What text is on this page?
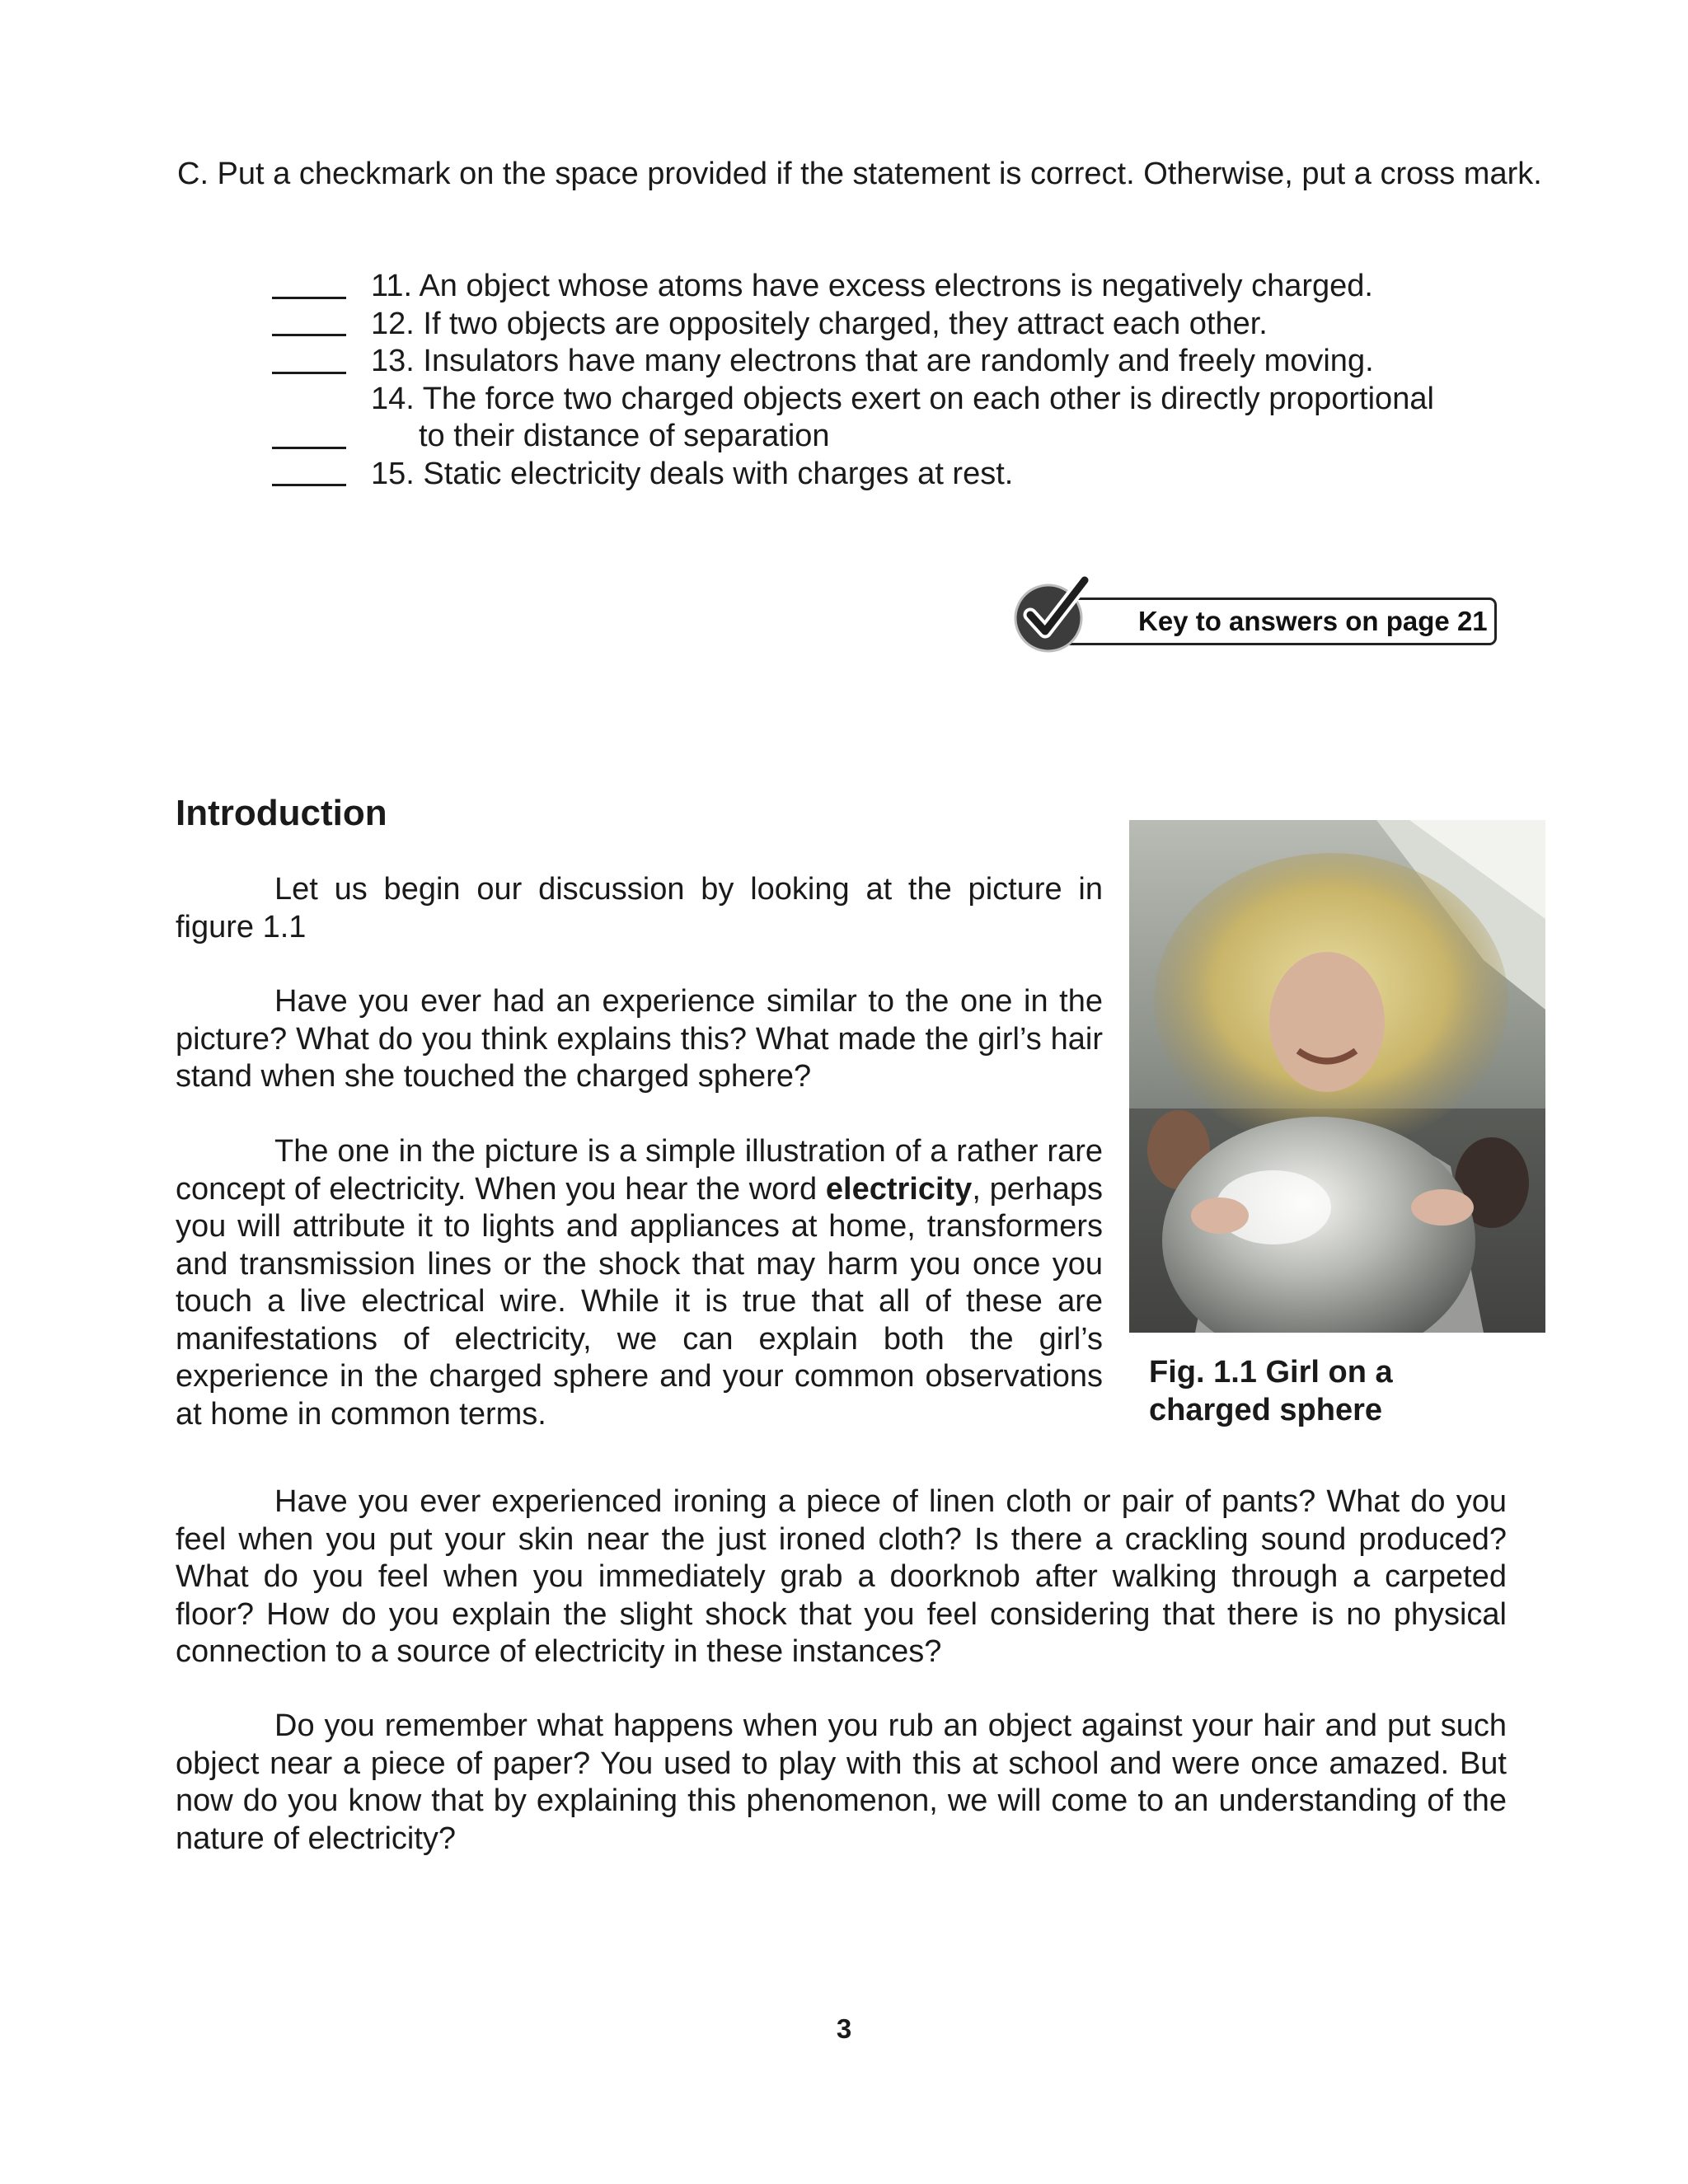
C. Put a checkmark on the space provided if the statement is correct. Otherwise, put a cross mark.

11. An object whose atoms have excess electrons is negatively charged.
12. If two objects are oppositely charged, they attract each other.
13. Insulators have many electrons that are randomly and freely moving.
14. The force two charged objects exert on each other is directly proportional
to their distance of separation
15. Static electricity deals with charges at rest.
Key to answers on page 21
Introduction

Let us begin our discussion by looking at the picture in figure 1.1

Have you ever had an experience similar to the one in the picture? What do you think explains this? What made the girl’s hair stand when she touched the charged sphere?

The one in the picture is a simple illustration of a rather rare concept of electricity. When you hear the word electricity, perhaps you will attribute it to lights and appliances at home, transformers and transmission lines or the shock that may harm you once you touch a live electrical wire. While it is true that all of these are manifestations of electricity, we can explain both the girl’s experience in the charged sphere and your common observations at home in common terms.

Have you ever experienced ironing a piece of linen cloth or pair of pants? What do you feel when you put your skin near the just ironed cloth? Is there a crackling sound produced? What do you feel when you immediately grab a doorknob after walking through a carpeted floor? How do you explain the slight shock that you feel considering that there is no physical connection to a source of electricity in these instances?

Do you remember what happens when you rub an object against your hair and put such object near a piece of paper? You used to play with this at school and were once amazed. But now do you know that by explaining this phenomenon, we will come to an understanding of the nature of electricity?

Fig. 1.1 Girl on a charged sphere

3
